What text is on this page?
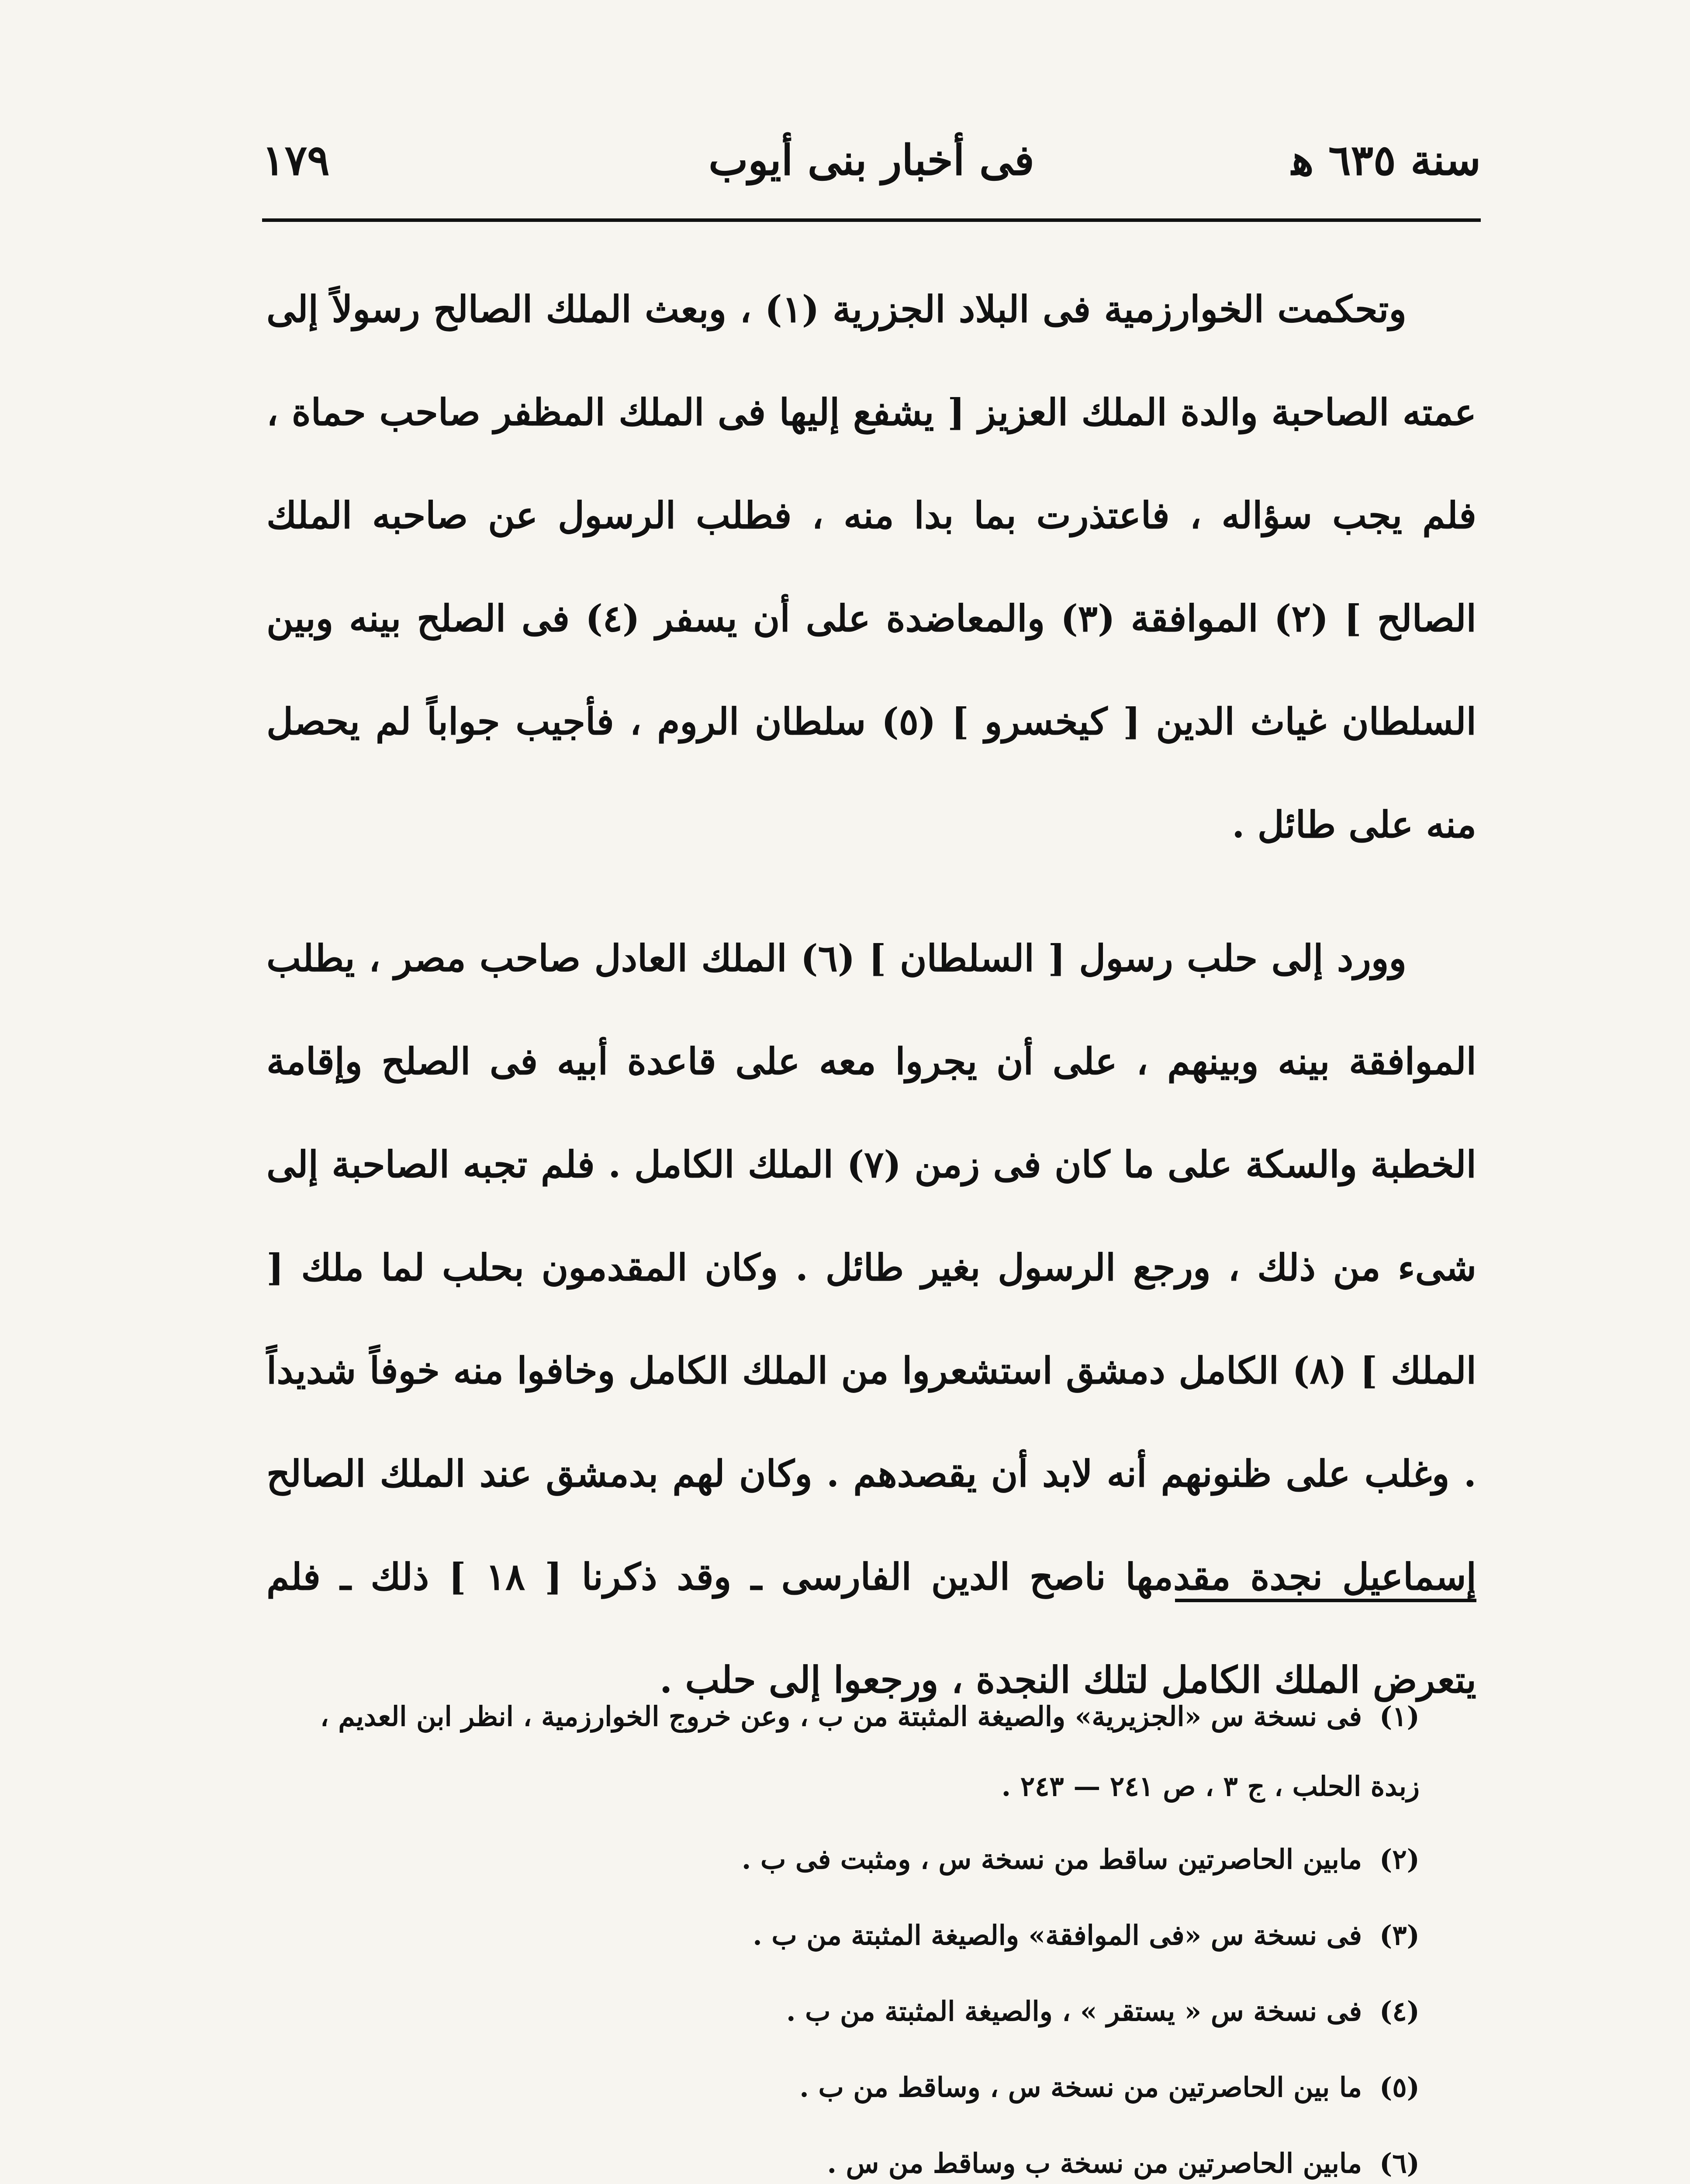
سنة ٦٣٥ ﻫ
فى أخبار بنى أيوب
١٧٩

وتحكمت الخوارزمية فى البلاد الجزرية (١) ، وبعث الملك الصالح رسولاً إلى عمته الصاحبة والدة الملك العزيز [ يشفع إليها فى الملك المظفر صاحب حماة ، فلم يجب سؤاله ، فاعتذرت بما بدا منه ، فطلب الرسول عن صاحبه الملك الصالح ] (٢) الموافقة (٣) والمعاضدة على أن يسفر (٤) فى الصلح بينه وبين السلطان غياث الدين [ كيخسرو ] (٥) سلطان الروم ، فأجيب جواباً لم يحصل منه على طائل .

وورد إلى حلب رسول [ السلطان ] (٦) الملك العادل صاحب مصر ، يطلب الموافقة بينه وبينهم ، على أن يجروا معه على قاعدة أبيه فى الصلح وإقامة الخطبة والسكة على ما كان فى زمن (٧) الملك الكامل . فلم تجبه الصاحبة إلى شىء من ذلك ، ورجع الرسول بغير طائل . وكان المقدمون بحلب لما ملك [ الملك ] (٨) الكامل دمشق استشعروا من الملك الكامل وخافوا منه خوفاً شديداً . وغلب على ظنونهم أنه لابد أن يقصدهم . وكان لهم بدمشق عند الملك الصالح إسماعيل نجدة مقدمها ناصح الدين الفارسى ـ وقد ذكرنا [ ١٨ ] ذلك ـ فلم يتعرض الملك الكامل لتلك النجدة ، ورجعوا إلى حلب .

(١)فى نسخة س «الجزيرية» والصيغة المثبتة من ب ، وعن خروج الخوارزمية ، انظر ابن العديم ، زبدة الحلب ، ج ٣ ، ص ٢٤١ — ٢٤٣ .

(٢)مابين الحاصرتين ساقط من نسخة س ، ومثبت فى ب .

(٣)فى نسخة س «فى الموافقة» والصيغة المثبتة من ب .

(٤)فى نسخة س « يستقر » ، والصيغة المثبتة من ب .

(٥)ما بين الحاصرتين من نسخة س ، وساقط من ب .

(٦)مابين الحاصرتين من نسخة ب وساقط من س .
